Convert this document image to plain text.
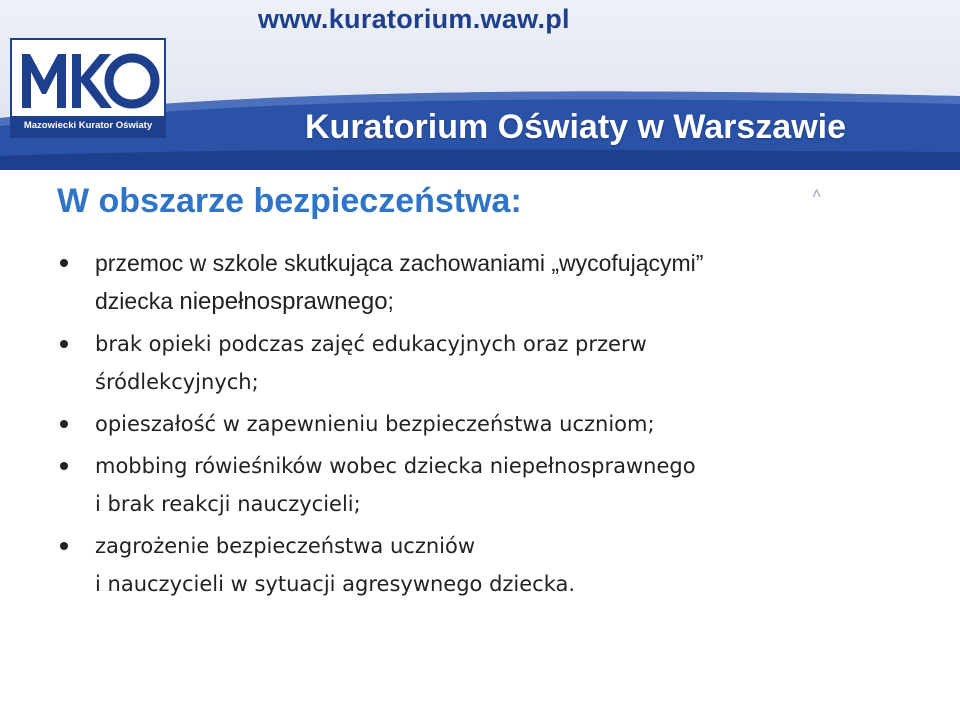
www.kuratorium.waw.pl
Mazowiecki Kurator Oświaty	Kuratorium Oświaty w Warszawie
˄
W obszarze bezpieczeństwa:
przemoc w szkole skutkująca zachowaniami „wycofującymi”
dziecka niepełnosprawnego;
brak opieki podczas zajęć edukacyjnych oraz przerw
śródlekcyjnych;
opieszałość w zapewnieniu bezpieczeństwa uczniom;
mobbing rówieśników wobec dziecka niepełnosprawnego
i brak reakcji nauczycieli;
zagrożenie bezpieczeństwa uczniów
i nauczycieli w sytuacji agresywnego dziecka.
